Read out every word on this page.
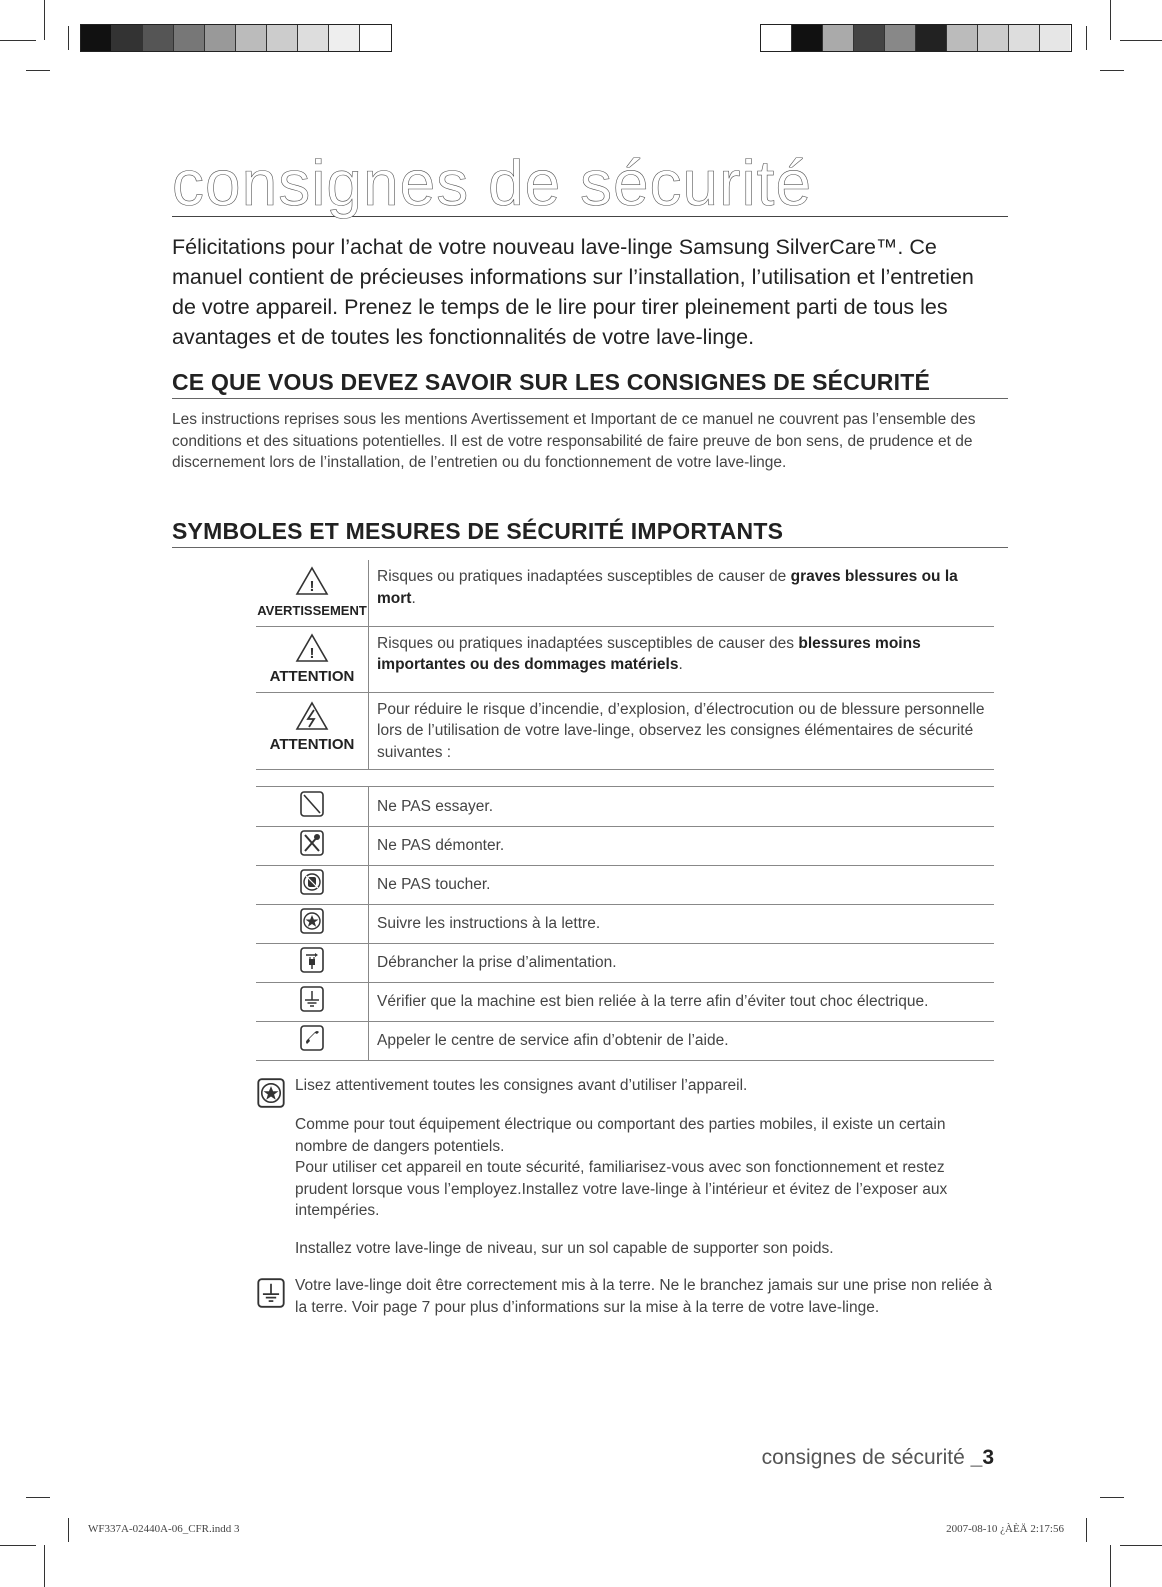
consignes de sécurité
Félicitations pour l’achat de votre nouveau lave-linge Samsung SilverCare™. Ce manuel contient de précieuses informations sur l’installation, l’utilisation et l’entretien de votre appareil. Prenez le temps de le lire pour tirer pleinement parti de tous les avantages et de toutes les fonctionnalités de votre lave-linge.
CE QUE VOUS DEVEZ SAVOIR SUR LES CONSIGNES DE SÉCURITÉ
Les instructions reprises sous les mentions Avertissement et Important de ce manuel ne couvrent pas l’ensemble des conditions et des situations potentielles. Il est de votre responsabilité de faire preuve de bon sens, de prudence et de discernement lors de l’installation, de l’entretien ou du fonctionnement de votre lave-linge.
SYMBOLES ET MESURES DE SÉCURITÉ IMPORTANTS
!
AVERTISSEMENT	Risques ou pratiques inadaptées susceptibles de causer de graves blessures ou la mort.

!
ATTENTION	Risques ou pratiques inadaptées susceptibles de causer des blessures moins importantes ou des dommages matériels.

ATTENTION	Pour réduire le risque d’incendie, d’explosion, d’électrocution ou de blessure personnelle lors de l’utilisation de votre lave-linge, observez les consignes élémentaires de sécurité suivantes :
	Ne PAS essayer.
	Ne PAS démonter.
	Ne PAS toucher.
	Suivre les instructions à la lettre.
	Débrancher la prise d’alimentation.
	Vérifier que la machine est bien reliée à la terre afin d’éviter tout choc électrique.
	Appeler le centre de service afin d’obtenir de l’aide.
Lisez attentivement toutes les consignes avant d’utiliser l’appareil.
Comme pour tout équipement électrique ou comportant des parties mobiles, il existe un certain nombre de dangers potentiels.
Pour utiliser cet appareil en toute sécurité, familiarisez-vous avec son fonctionnement et restez prudent lorsque vous l’employez.Installez votre lave-linge à l’intérieur et évitez de l’exposer aux intempéries.
Installez votre lave-linge de niveau, sur un sol capable de supporter son poids.
Votre lave-linge doit être correctement mis à la terre. Ne le branchez jamais sur une prise non reliée à la terre. Voir page 7 pour plus d’informations sur la mise à la terre de votre lave-linge.
consignes de sécurité _3
WF337A-02440A-06_CFR.indd 3	2007-08-10 ¿ÀÈÄ 2:17:56
